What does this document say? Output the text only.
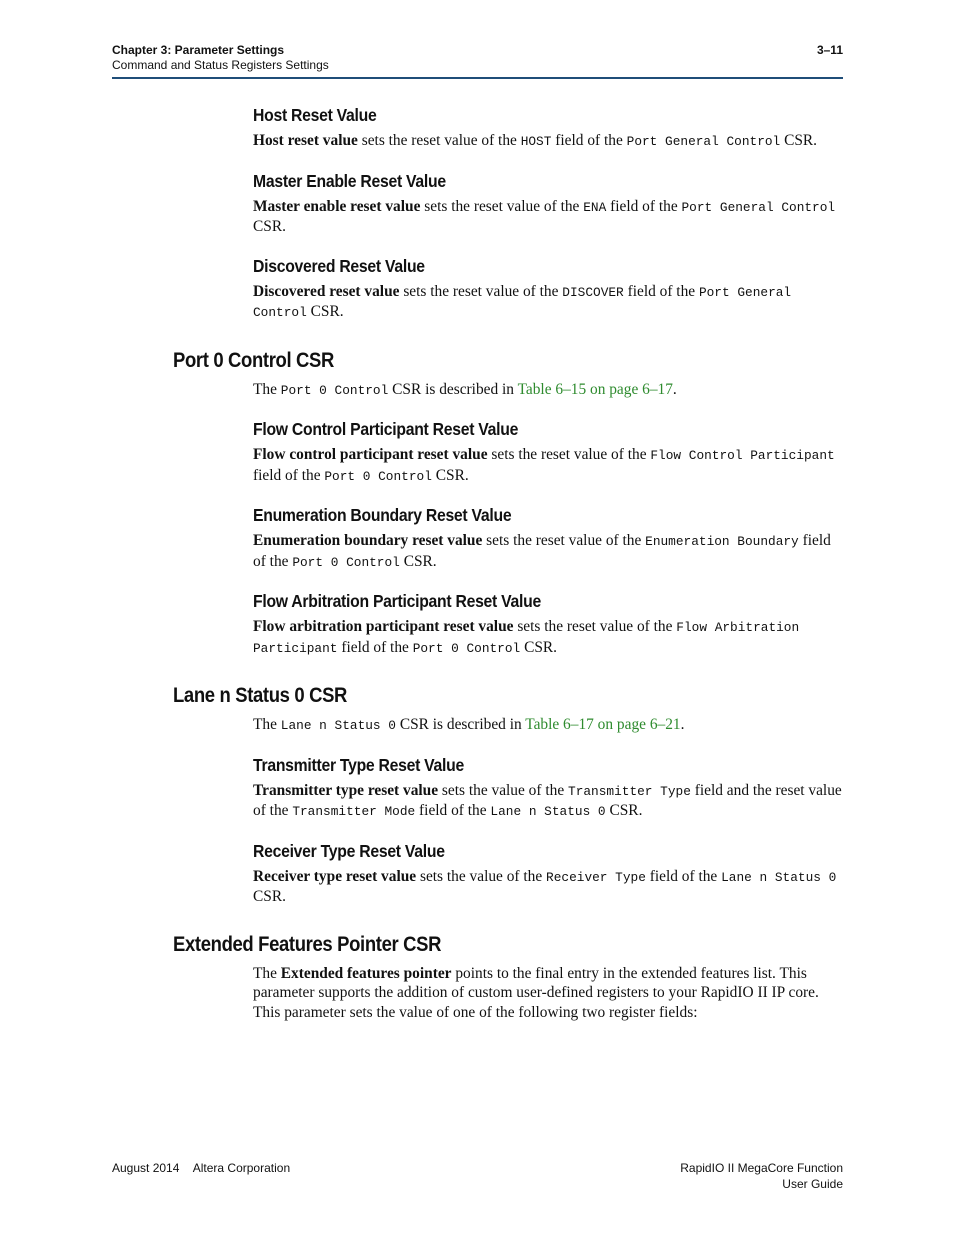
Chapter 3: Parameter Settings
Command and Status Registers Settings
3–11
Host Reset Value

Host reset value sets the reset value of the HOST field of the Port General Control CSR.

Master Enable Reset Value

Master enable reset value sets the reset value of the ENA field of the Port General Control CSR.

Discovered Reset Value

Discovered reset value sets the reset value of the DISCOVER field of the Port General Control CSR.

Port 0 Control CSR

The Port 0 Control CSR is described in Table 6–15 on page 6–17.

Flow Control Participant Reset Value

Flow control participant reset value sets the reset value of the Flow Control Participant field of the Port 0 Control CSR.

Enumeration Boundary Reset Value

Enumeration boundary reset value sets the reset value of the Enumeration Boundary field of the Port 0 Control CSR.

Flow Arbitration Participant Reset Value

Flow arbitration participant reset value sets the reset value of the Flow Arbitration Participant field of the Port 0 Control CSR.

Lane n Status 0 CSR

The Lane n Status 0 CSR is described in Table 6–17 on page 6–21.

Transmitter Type Reset Value

Transmitter type reset value sets the value of the Transmitter Type field and the reset value of the Transmitter Mode field of the Lane n Status 0 CSR.

Receiver Type Reset Value

Receiver type reset value sets the value of the Receiver Type field of the Lane n Status 0 CSR.

Extended Features Pointer CSR

The Extended features pointer points to the final entry in the extended features list. This parameter supports the addition of custom user-defined registers to your RapidIO II IP core. This parameter sets the value of one of the following two register fields:

August 2014 Altera Corporation	RapidIO II MegaCore Function
User Guide
